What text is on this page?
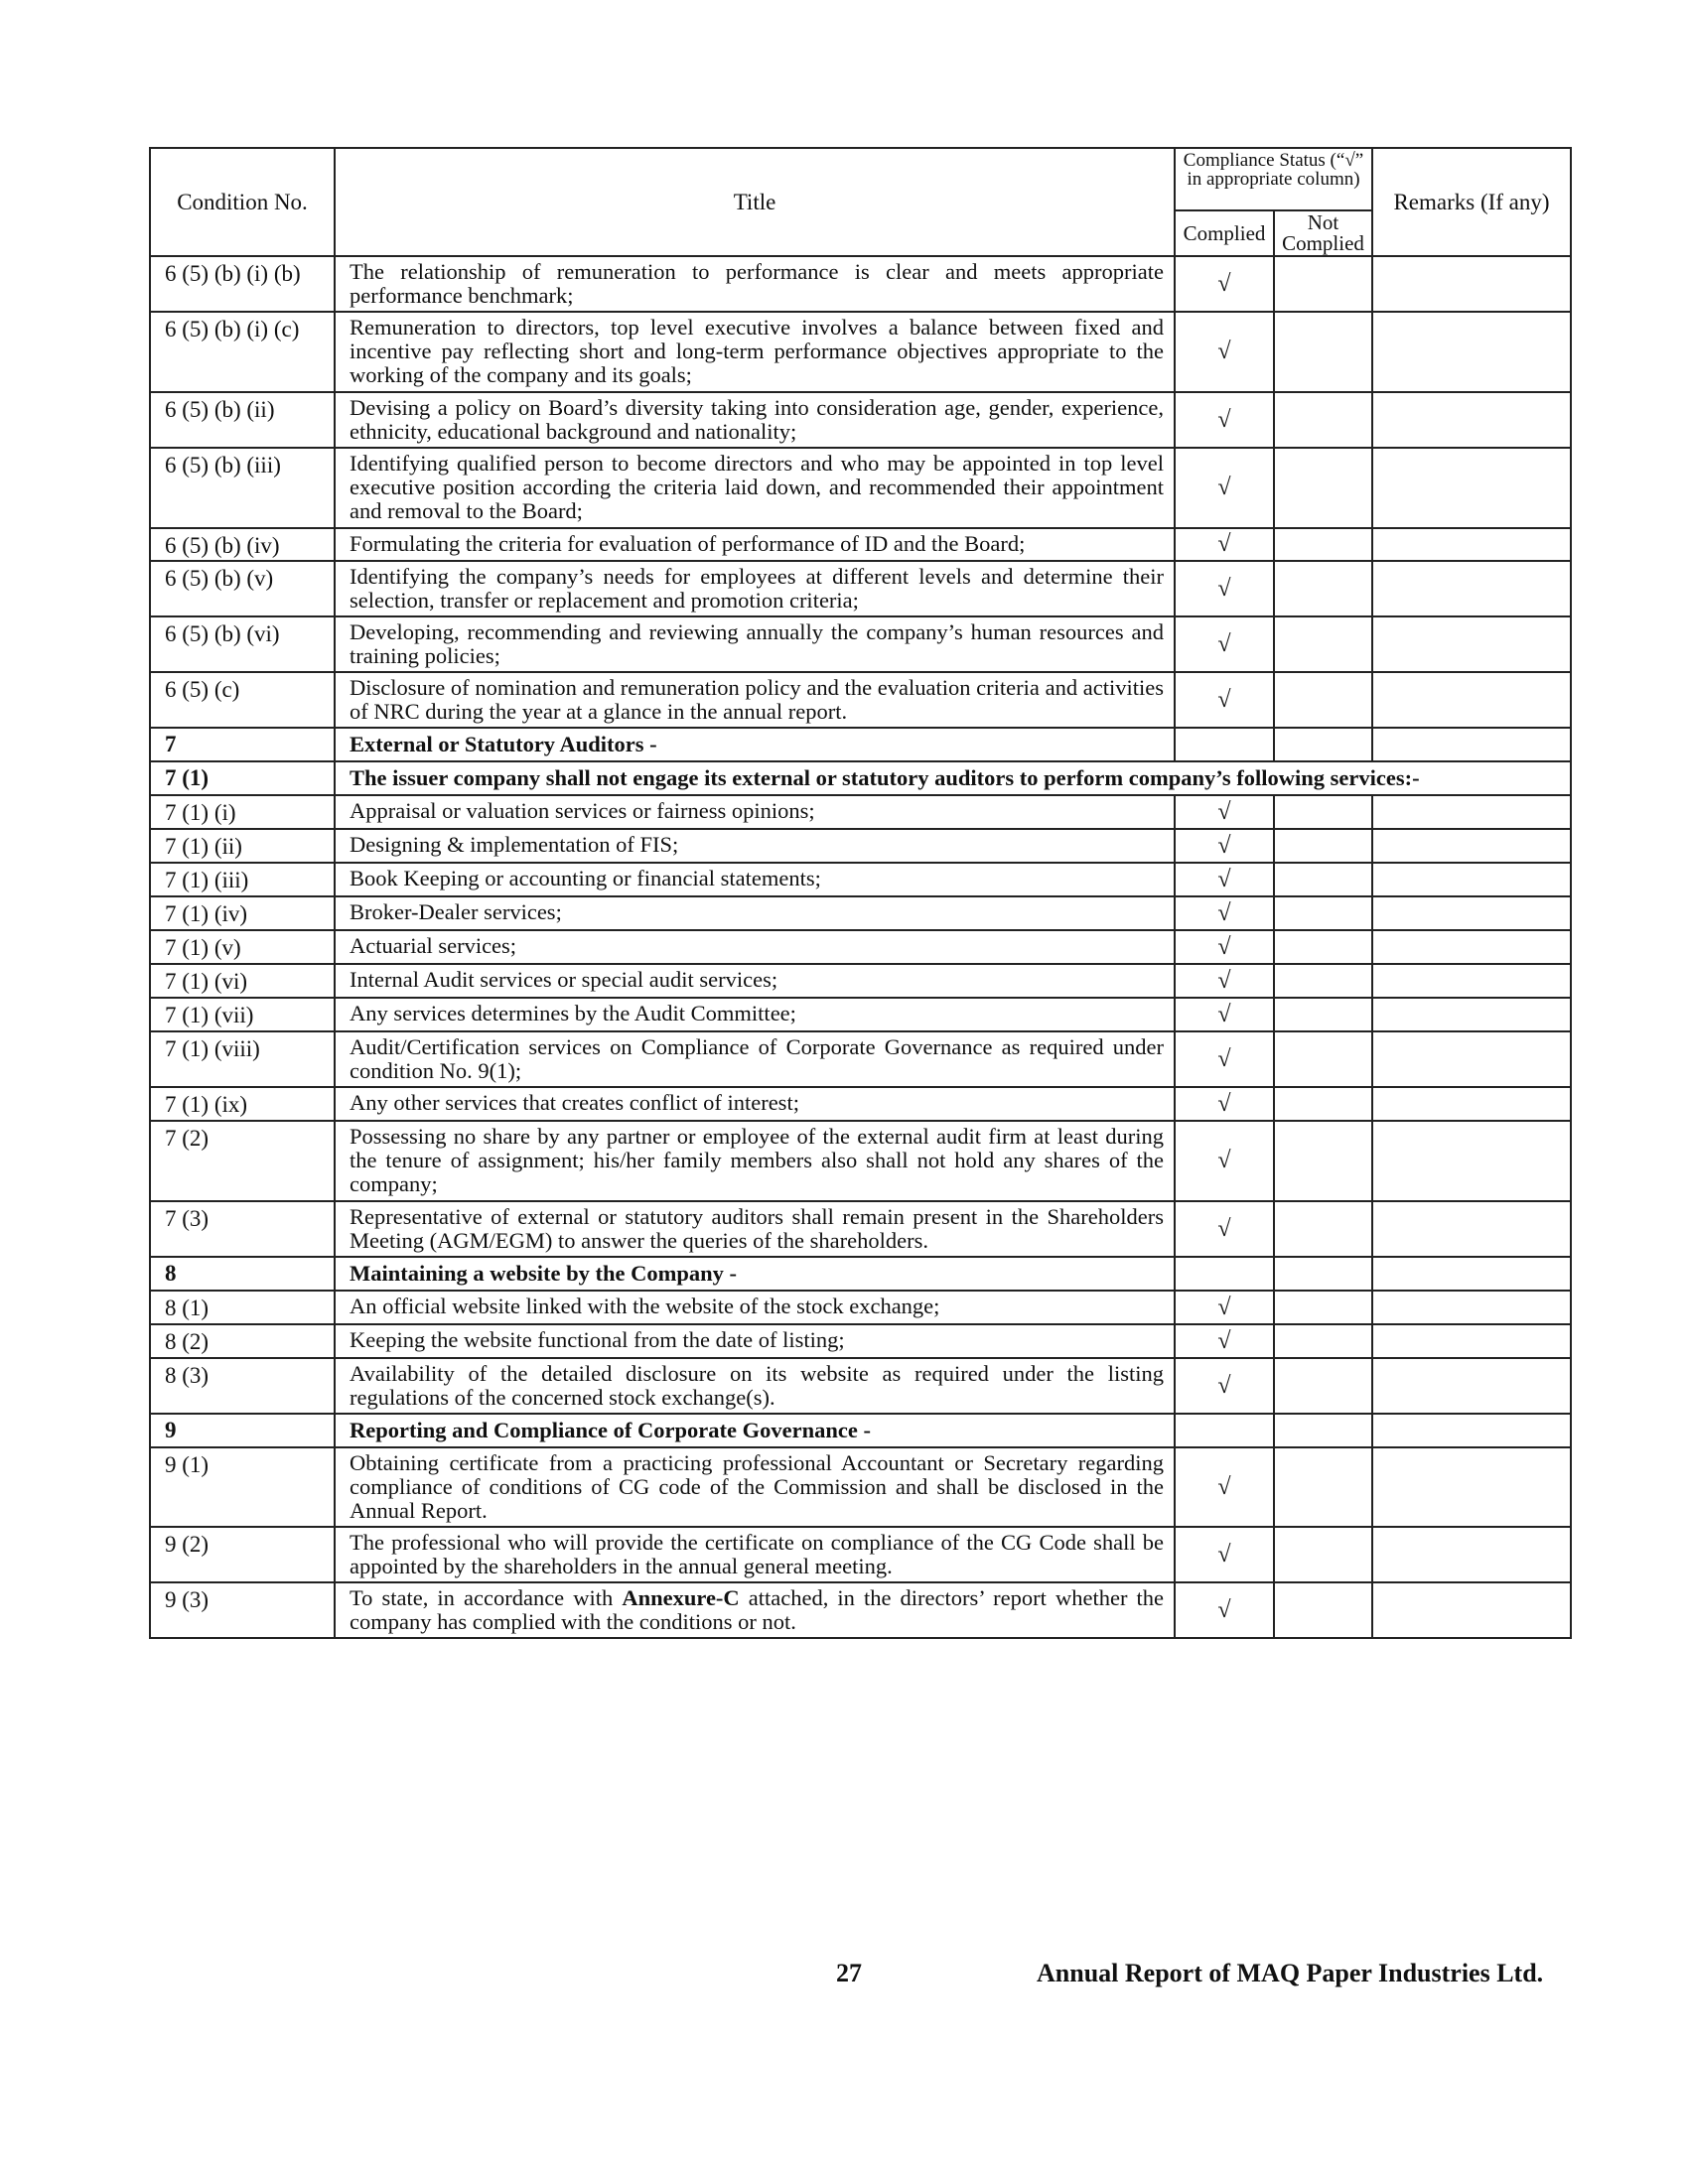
Condition No.	Title	Compliance Status (“√” in appropriate column)		Remarks (If any)
		Complied	Not Complied	
6 (5) (b) (i) (b)	The relationship of remuneration to performance is clear and meets appropriate performance benchmark;	√		
6 (5) (b) (i) (c)	Remuneration to directors, top level executive involves a balance between fixed and incentive pay reflecting short and long-term performance objectives appropriate to the working of the company and its goals;	√		
6 (5) (b) (ii)	Devising a policy on Board’s diversity taking into consideration age, gender, experience, ethnicity, educational background and nationality;	√		
6 (5) (b) (iii)	Identifying qualified person to become directors and who may be appointed in top level executive position according the criteria laid down, and recommended their appointment and removal to the Board;	√		
6 (5) (b) (iv)	Formulating the criteria for evaluation of performance of ID and the Board;	√		
6 (5) (b) (v)	Identifying the company’s needs for employees at different levels and determine their selection, transfer or replacement and promotion criteria;	√		
6 (5) (b) (vi)	Developing, recommending and reviewing annually the company’s human resources and training policies;	√		
6 (5) (c)	Disclosure of nomination and remuneration policy and the evaluation criteria and activities of NRC during the year at a glance in the annual report.	√		
7	External or Statutory Auditors -			
7 (1)	The issuer company shall not engage its external or statutory auditors to perform company’s following services:-			
7 (1) (i)	Appraisal or valuation services or fairness opinions;	√		
7 (1) (ii)	Designing & implementation of FIS;	√		
7 (1) (iii)	Book Keeping or accounting or financial statements;	√		
7 (1) (iv)	Broker-Dealer services;	√		
7 (1) (v)	Actuarial services;	√		
7 (1) (vi)	Internal Audit services or special audit services;	√		
7 (1) (vii)	Any services determines by the Audit Committee;	√		
7 (1) (viii)	Audit/Certification services on Compliance of Corporate Governance as required under condition No. 9(1);	√		
7 (1) (ix)	Any other services that creates conflict of interest;	√		
7 (2)	Possessing no share by any partner or employee of the external audit firm at least during the tenure of assignment; his/her family members also shall not hold any shares of the company;	√		
7 (3)	Representative of external or statutory auditors shall remain present in the Shareholders Meeting (AGM/EGM) to answer the queries of the shareholders.	√		
8	Maintaining a website by the Company -			
8 (1)	An official website linked with the website of the stock exchange;	√		
8 (2)	Keeping the website functional from the date of listing;	√		
8 (3)	Availability of the detailed disclosure on its website as required under the listing regulations of the concerned stock exchange(s).	√		
9	Reporting and Compliance of Corporate Governance -			
9 (1)	Obtaining certificate from a practicing professional Accountant or Secretary regarding compliance of conditions of CG code of the Commission and shall be disclosed in the Annual Report.	√		
9 (2)	The professional who will provide the certificate on compliance of the CG Code shall be appointed by the shareholders in the annual general meeting.	√		
9 (3)	To state, in accordance with Annexure-C attached, in the directors’ report whether the company has complied with the conditions or not.	√		
27	Annual Report of MAQ Paper Industries Ltd.
